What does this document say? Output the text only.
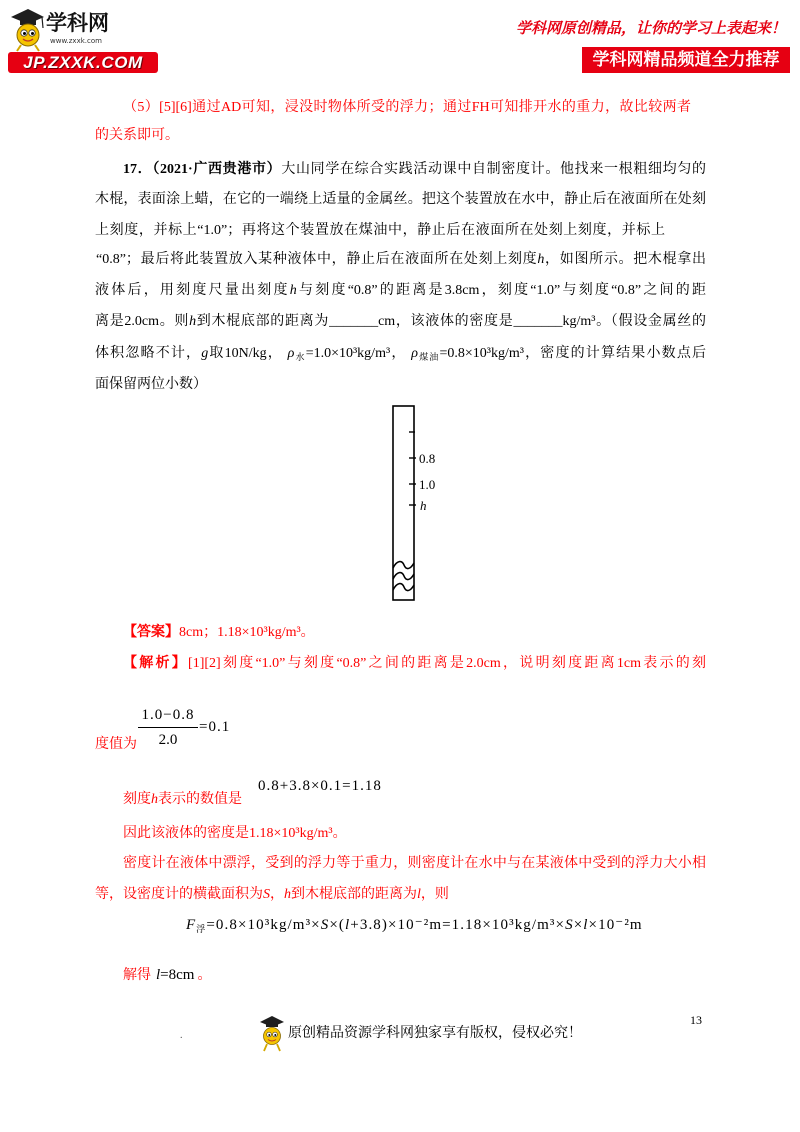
学科网
www.zxxk.com
JP.ZXXK.COM
学科网原创精品，让你的学习上表起来！
学科网精品频道全力推荐
（5）[5][6]通过AD可知，浸没时物体所受的浮力；通过FH可知排开水的重力，故比较两者
的关系即可。
17．（2021·广西贵港市）大山同学在综合实践活动课中自制密度计。他找来一根粗细均匀的
木棍，表面涂上蜡，在它的一端绕上适量的金属丝。把这个装置放在水中，静止后在液面所在处刻
上刻度，并标上“1.0”；再将这个装置放在煤油中，静止后在液面所在处刻上刻度，并标上
“0.8”；最后将此装置放入某种液体中，静止后在液面所在处刻上刻度h，如图所示。把木棍拿出
液体后，用刻度尺量出刻度h与刻度“0.8”的距离是3.8cm，刻度“1.0”与刻度“0.8”之间的距
离是2.0cm。则h到木棍底部的距离为_______cm，该液体的密度是_______kg/m³。（假设金属丝的
体积忽略不计，g取10N/kg， $\rho_水=1.0\times 10^3kg/m^3$， $\rho_{煤油}=0.8\times 10^3kg/m^3$，密度的计算结果小数点后
面保留两位小数）
0.8
1.0
h
【答案】8cm；1.18×10³kg/m³。
【解析】[1][2]刻度“1.0”与刻度“0.8”之间的距离是2.0cm，说明刻度距离1cm表示的刻
1.0−0.8
2.0
=0.1
度值为
刻度h表示的数值是
0.8+3.8×0.1=1.18
因此该液体的密度是1.18×10³kg/m³。
密度计在液体中漂浮，受到的浮力等于重力，则密度计在水中与在某液体中受到的浮力大小相
等，设密度计的横截面积为S，h到木棍底部的距离为l，则
$F_浮=0.8\times 10^3kg/m^3\times S\times(l+3.8)\times 10^{-2}m=1.18\times 10^3kg/m^3\times S\times l\times 10^{-2}m$
解得 l=8cm 。
13
.	原创精品资源学科网独家享有版权，侵权必究！
